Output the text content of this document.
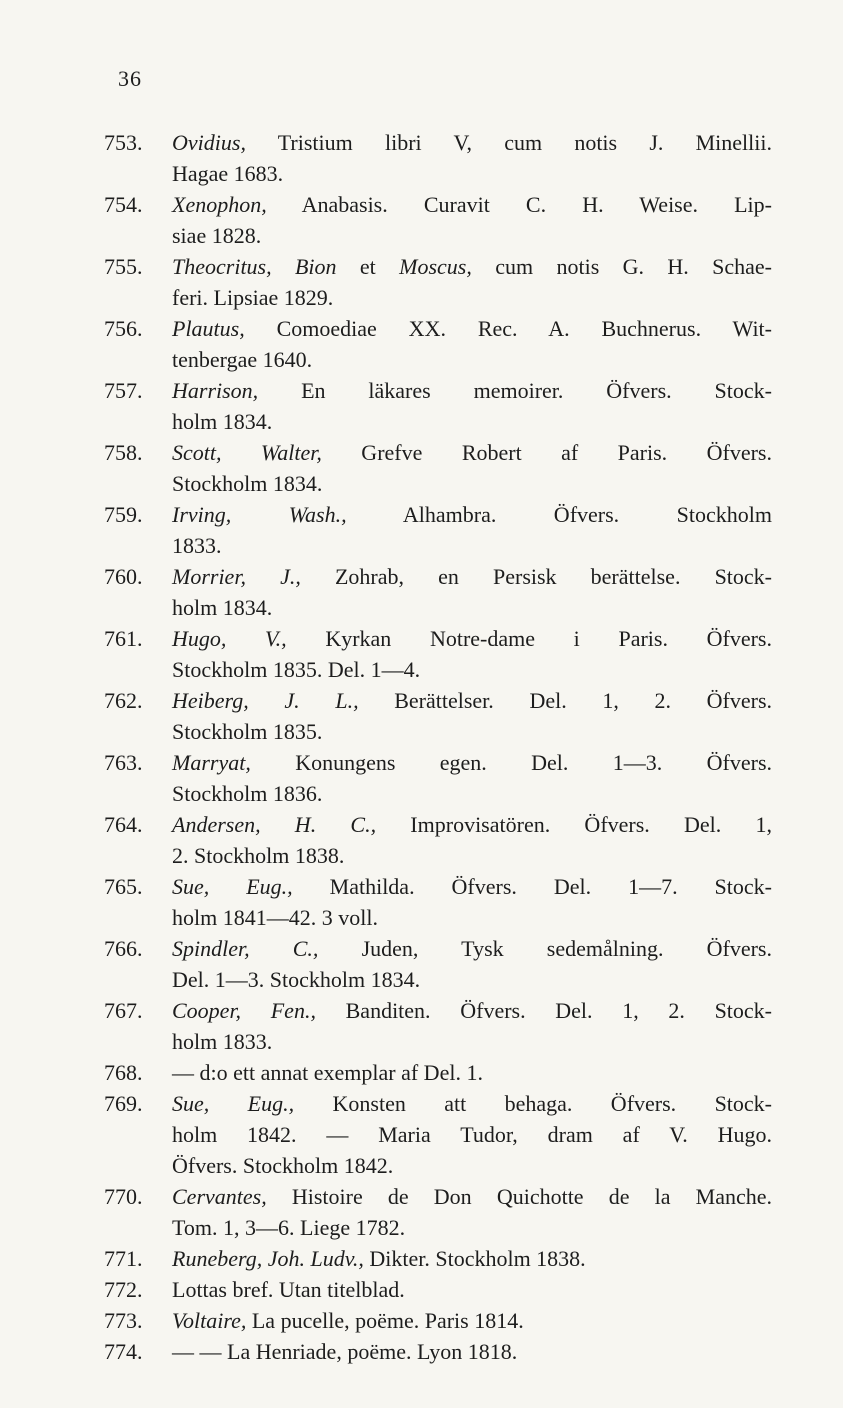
36
753. Ovidius, Tristium libri V, cum notis J. Minellii.
Hagae 1683.
754. Xenophon, Anabasis. Curavit C. H. Weise. Lip-
siae 1828.
755. Theocritus, Bion et Moscus, cum notis G. H. Schae-
feri. Lipsiae 1829.
756. Plautus, Comoediae XX. Rec. A. Buchnerus. Wit-
tenbergae 1640.
757. Harrison, En läkares memoirer. Öfvers. Stock-
holm 1834.
758. Scott, Walter, Grefve Robert af Paris. Öfvers.
Stockholm 1834.
759. Irving, Wash., Alhambra. Öfvers. Stockholm
1833.
760. Morrier, J., Zohrab, en Persisk berättelse. Stock-
holm 1834.
761. Hugo, V., Kyrkan Notre-dame i Paris. Öfvers.
Stockholm 1835. Del. 1—4.
762. Heiberg, J. L., Berättelser. Del. 1, 2. Öfvers.
Stockholm 1835.
763. Marryat, Konungens egen. Del. 1—3. Öfvers.
Stockholm 1836.
764. Andersen, H. C., Improvisatören. Öfvers. Del. 1,
2. Stockholm 1838.
765. Sue, Eug., Mathilda. Öfvers. Del. 1—7. Stock-
holm 1841—42. 3 voll.
766. Spindler, C., Juden, Tysk sedemålning. Öfvers.
Del. 1—3. Stockholm 1834.
767. Cooper, Fen., Banditen. Öfvers. Del. 1, 2. Stock-
holm 1833.
768. — d:o ett annat exemplar af Del. 1.
769. Sue, Eug., Konsten att behaga. Öfvers. Stock-
holm 1842. — Maria Tudor, dram af V. Hugo.
Öfvers. Stockholm 1842.
770. Cervantes, Histoire de Don Quichotte de la Manche.
Tom. 1, 3—6. Liege 1782.
771. Runeberg, Joh. Ludv., Dikter. Stockholm 1838.
772. Lottas bref. Utan titelblad.
773. Voltaire, La pucelle, poëme. Paris 1814.
774. — — La Henriade, poëme. Lyon 1818.
